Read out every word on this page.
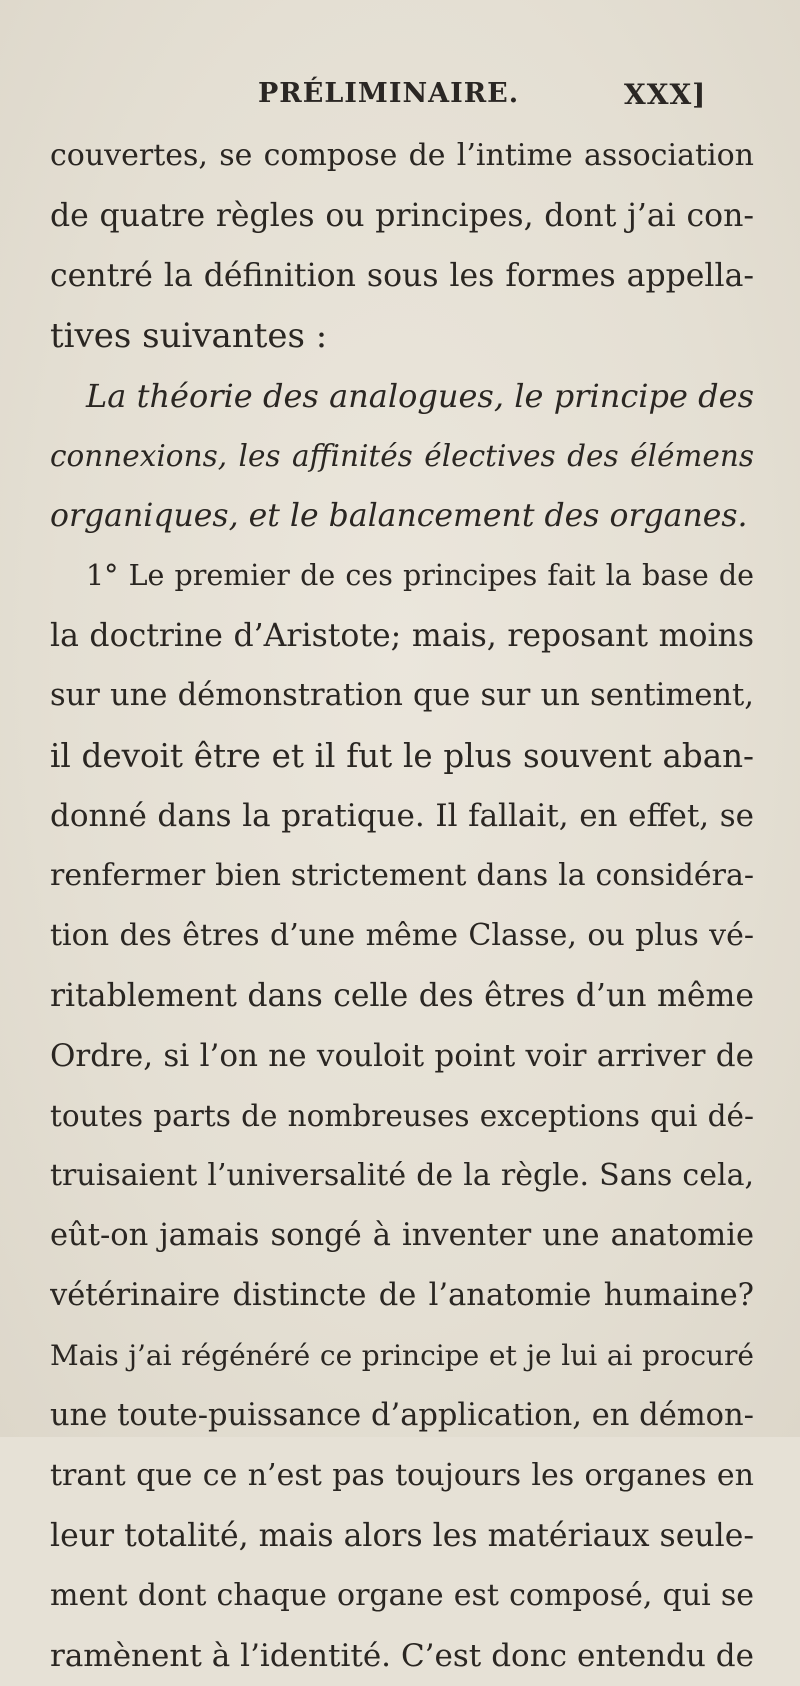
PRÉLIMINAIRE.	XXX]
couvertes, se compose de l’intime association
de quatre règles ou principes, dont j’ai con-
centré la définition sous les formes appella-
tives suivantes :
La théorie des analogues, le principe des
connexions, les affinités électives des élémens
organiques, et le balancement des organes.
1° Le premier de ces principes fait la base de
la doctrine d’Aristote; mais, reposant moins
sur une démonstration que sur un sentiment,
il devoit être et il fut le plus souvent aban-
donné dans la pratique. Il fallait, en effet, se
renfermer bien strictement dans la considéra-
tion des êtres d’une même Classe, ou plus vé-
ritablement dans celle des êtres d’un même
Ordre, si l’on ne vouloit point voir arriver de
toutes parts de nombreuses exceptions qui dé-
truisaient l’universalité de la règle. Sans cela,
eût-on jamais songé à inventer une anatomie
vétérinaire distincte de l’anatomie humaine?
Mais j’ai régénéré ce principe et je lui ai procuré
une toute-puissance d’application, en démon-
trant que ce n’est pas toujours les organes en
leur totalité, mais alors les matériaux seule-
ment dont chaque organe est composé, qui se
ramènent à l’identité. C’est donc entendu de
